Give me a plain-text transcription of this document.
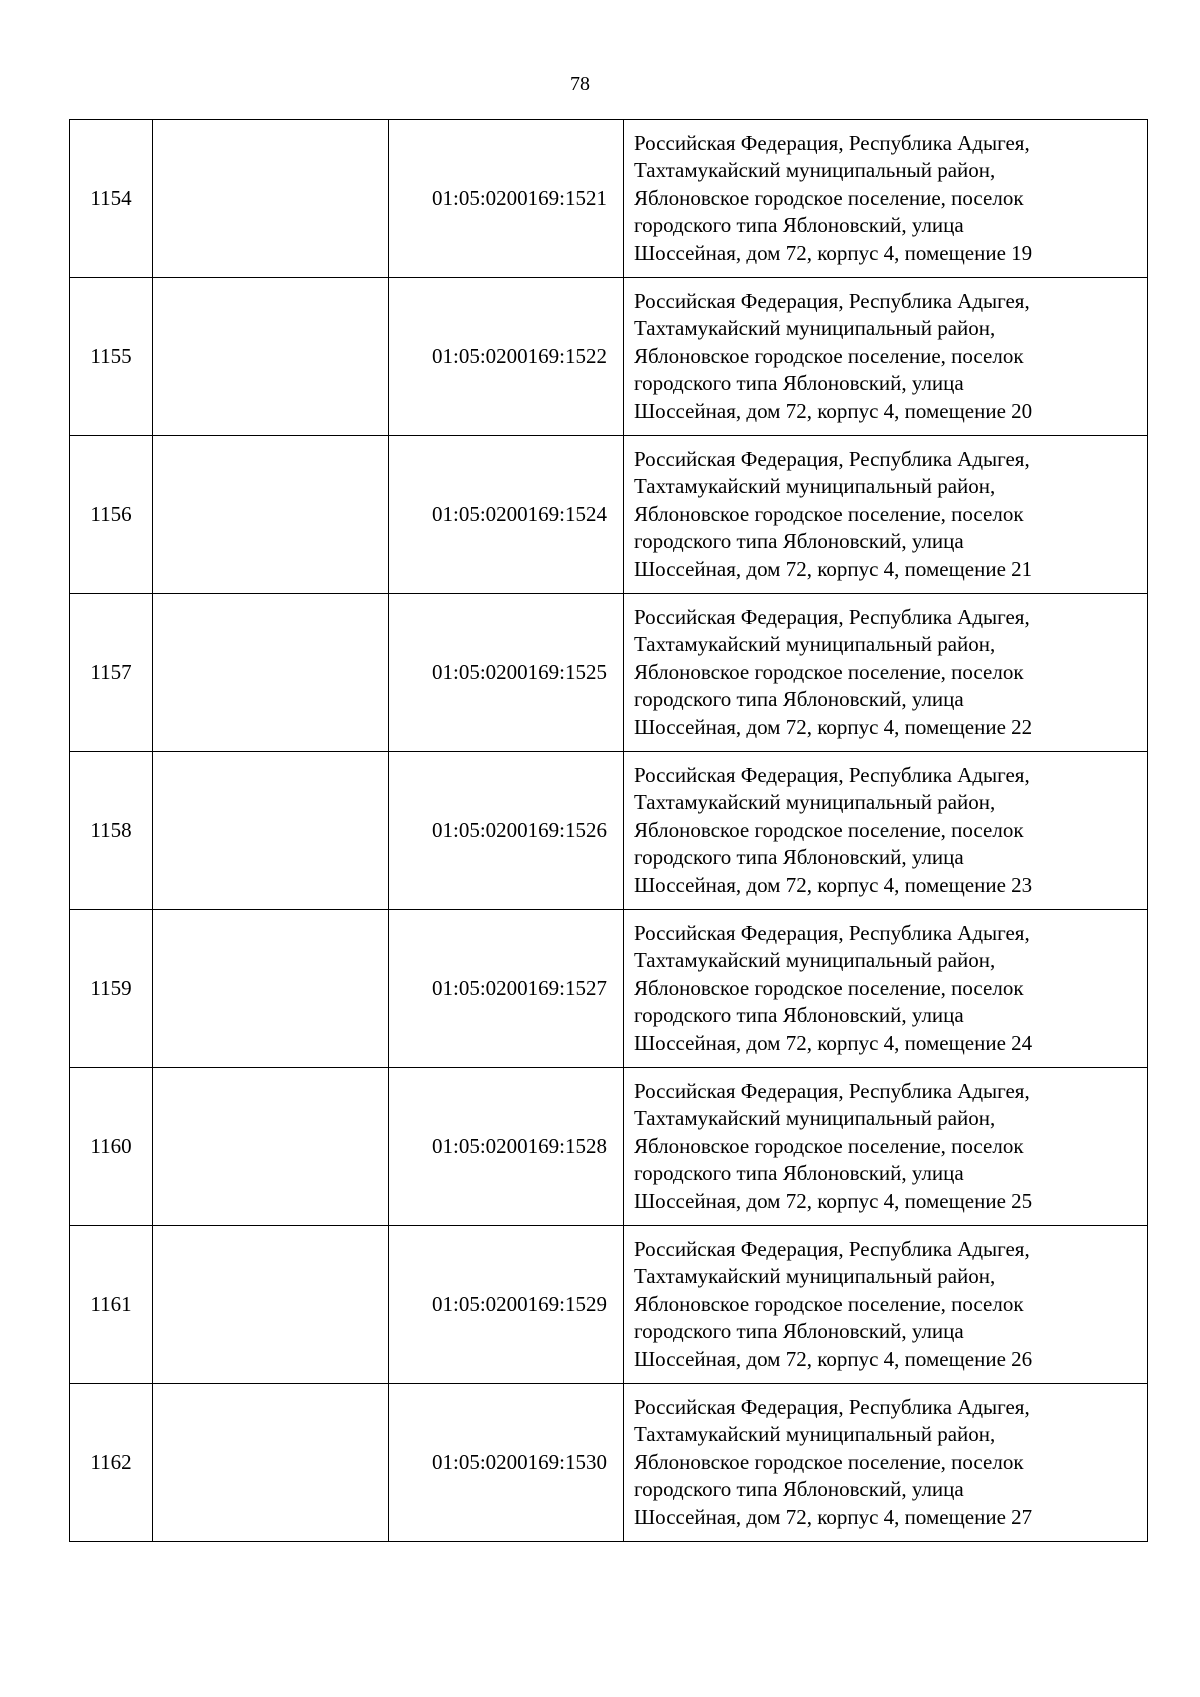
78
1154		01:05:0200169:1521	Российская Федерация, Республика Адыгея,
Тахтамукайский муниципальный район,
Яблоновское городское поселение, поселок
городского типа Яблоновский, улица
Шоссейная, дом 72, корпус 4, помещение 19

1155		01:05:0200169:1522	Российская Федерация, Республика Адыгея,
Тахтамукайский муниципальный район,
Яблоновское городское поселение, поселок
городского типа Яблоновский, улица
Шоссейная, дом 72, корпус 4, помещение 20

1156		01:05:0200169:1524	Российская Федерация, Республика Адыгея,
Тахтамукайский муниципальный район,
Яблоновское городское поселение, поселок
городского типа Яблоновский, улица
Шоссейная, дом 72, корпус 4, помещение 21

1157		01:05:0200169:1525	Российская Федерация, Республика Адыгея,
Тахтамукайский муниципальный район,
Яблоновское городское поселение, поселок
городского типа Яблоновский, улица
Шоссейная, дом 72, корпус 4, помещение 22

1158		01:05:0200169:1526	Российская Федерация, Республика Адыгея,
Тахтамукайский муниципальный район,
Яблоновское городское поселение, поселок
городского типа Яблоновский, улица
Шоссейная, дом 72, корпус 4, помещение 23

1159		01:05:0200169:1527	Российская Федерация, Республика Адыгея,
Тахтамукайский муниципальный район,
Яблоновское городское поселение, поселок
городского типа Яблоновский, улица
Шоссейная, дом 72, корпус 4, помещение 24

1160		01:05:0200169:1528	Российская Федерация, Республика Адыгея,
Тахтамукайский муниципальный район,
Яблоновское городское поселение, поселок
городского типа Яблоновский, улица
Шоссейная, дом 72, корпус 4, помещение 25

1161		01:05:0200169:1529	Российская Федерация, Республика Адыгея,
Тахтамукайский муниципальный район,
Яблоновское городское поселение, поселок
городского типа Яблоновский, улица
Шоссейная, дом 72, корпус 4, помещение 26

1162		01:05:0200169:1530	Российская Федерация, Республика Адыгея,
Тахтамукайский муниципальный район,
Яблоновское городское поселение, поселок
городского типа Яблоновский, улица
Шоссейная, дом 72, корпус 4, помещение 27
